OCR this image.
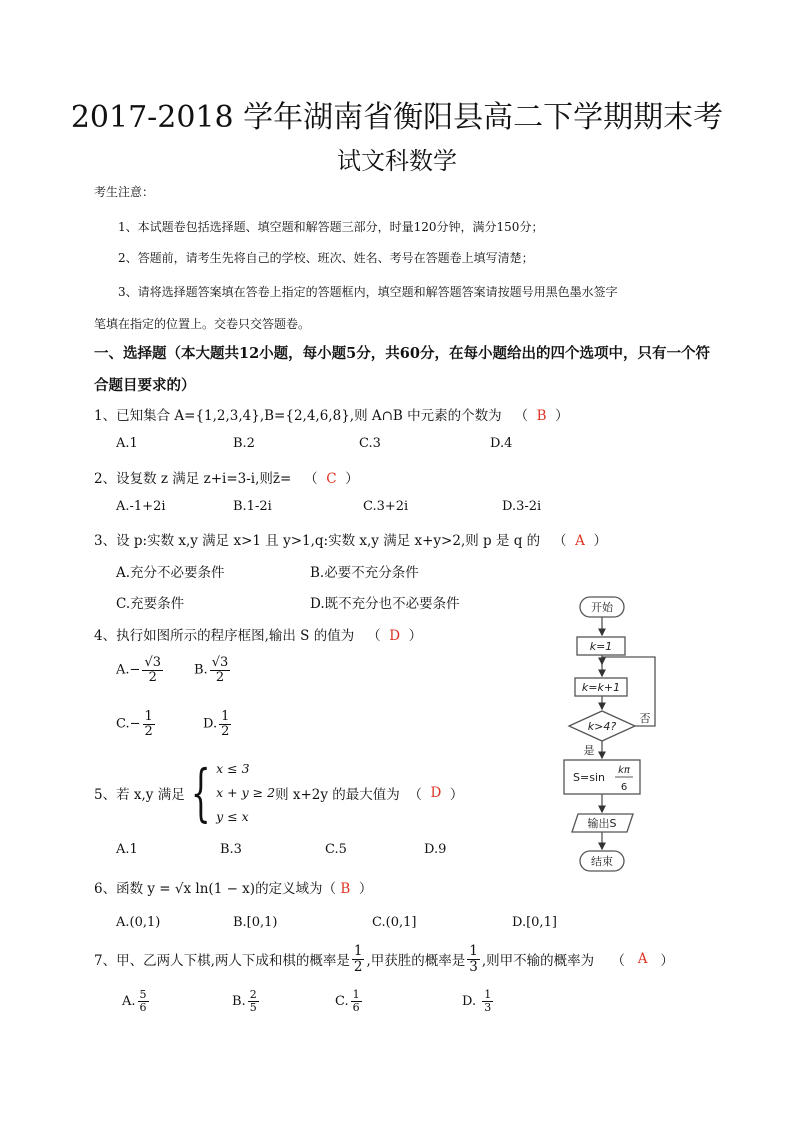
2017-2018 学年湖南省衡阳县高二下学期期末考
试文科数学
考生注意：
1、本试题卷包括选择题、填空题和解答题三部分，时量120分钟，满分150分；
2、答题前，请考生先将自己的学校、班次、姓名、考号在答题卷上填写清楚；
3、请将选择题答案填在答卷上指定的答题框内，填空题和解答题答案请按题号用黑色墨水签字
笔填在指定的位置上。交卷只交答题卷。
一、选择题（本大题共12小题，每小题5分，共60分，在每小题给出的四个选项中，只有一个符
合题目要求的）
1、已知集合 A={1,2,3,4},B={2,4,6,8},则 A∩B 中元素的个数为   （  B  ）
A.1	B.2	C.3	D.4
2、设复数 z 满足 z+i=3-i,则z̄=   （  C  ）
A.-1+2i	B.1-2i	C.3+2i	D.3-2i
3、设 p:实数 x,y 满足 x>1 且 y>1,q:实数 x,y 满足 x+y>2,则 p 是 q 的   （  A  ）
A.充分不必要条件	B.必要不充分条件
C.充要条件	D.既不充分也不必要条件
4、执行如图所示的程序框图,输出 S 的值为   （  D  ）
$A.- \frac{√3}{2} B$. $\frac{√3}{2}$
$C.- \frac{1}{2}$	D. $\frac{1}{2}$
5、若 x,y 满足 { x ≤ 3
x + y ≥ 2
y ≤ x
则 x+2y 的最大值为 （ D ）
A.1	B.3	C.5	D.9
6、函数 y = √x ln(1 − x)的定义域为（ B ）
A.(0,1)	B.[0,1)	C.(0,1]	D.[0,1]
7、甲、乙两人下棋,两人下成和棋的概率是 $\frac{1}{2}$ ,甲获胜的概率是 $\frac{1}{3}$ ,则甲不输的概率为 （ A ）
A. $\frac{5}{6}$	B. $\frac{2}{5}$	C. $\frac{1}{6}$	D.
$\frac{1}{3}$
开始
k=1
k=k+1
k>4?
否
是
S=sin
kπ
6
输出S
结束
